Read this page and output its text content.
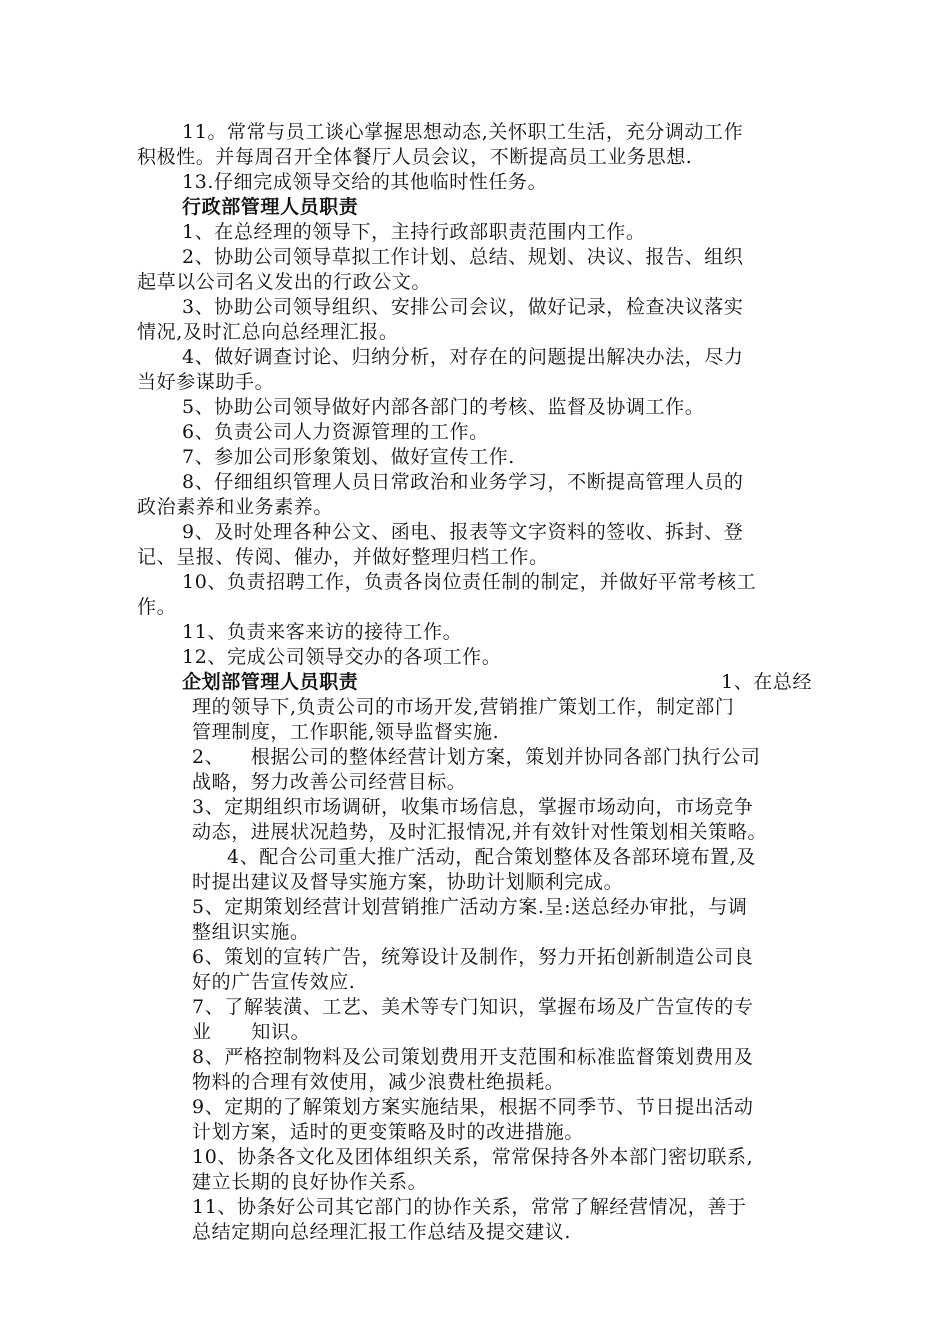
11。常常与员工谈心掌握思想动态,关怀职工生活，充分调动工作
积极性。并每周召开全体餐厅人员会议，不断提高员工业务思想.
13.仔细完成领导交给的其他临时性任务。
行政部管理人员职责
1、在总经理的领导下，主持行政部职责范围内工作。
2、协助公司领导草拟工作计划、总结、规划、决议、报告、组织
起草以公司名义发出的行政公文。
3、协助公司领导组织、安排公司会议，做好记录，检查决议落实
情况,及时汇总向总经理汇报。
4、做好调查讨论、归纳分析，对存在的问题提出解决办法，尽力
当好参谋助手。
5、协助公司领导做好内部各部门的考核、监督及协调工作。
6、负责公司人力资源管理的工作。
7、参加公司形象策划、做好宣传工作.
8、仔细组织管理人员日常政治和业务学习，不断提高管理人员的
政治素养和业务素养。
9、及时处理各种公文、函电、报表等文字资料的签收、拆封、登
记、呈报、传阅、催办，并做好整理归档工作。
10、负责招聘工作，负责各岗位责任制的制定，并做好平常考核工
作。
11、负责来客来访的接待工作。
12、完成公司领导交办的各项工作。
企划部管理人员职责	1、在总经
理的领导下,负责公司的市场开发,营销推广策划工作，制定部门
管理制度，工作职能,领导监督实施.
2、    根据公司的整体经营计划方案，策划并协同各部门执行公司
战略，努力改善公司经营目标。
3、定期组织市场调研，收集市场信息，掌握市场动向，市场竞争
动态，进展状况趋势，及时汇报情况,并有效针对性策划相关策略。
4、配合公司重大推广活动，配合策划整体及各部环境布置,及
时提出建议及督导实施方案，协助计划顺利完成。
5、定期策划经营计划营销推广活动方案.呈:送总经办审批，与调
整组识实施。
6、策划的宣转广告，统筹设计及制作，努力开拓创新制造公司良
好的广告宣传效应.
7、了解装潢、工艺、美术等专门知识，掌握布场及广告宣传的专
业      知识。
8、严格控制物料及公司策划费用开支范围和标准监督策划费用及
物料的合理有效使用，减少浪费杜绝损耗。
9、定期的了解策划方案实施结果，根据不同季节、节日提出活动
计划方案，适时的更变策略及时的改进措施。
10、协条各文化及团体组织关系，常常保持各外本部门密切联系,
建立长期的良好协作关系。
11、协条好公司其它部门的协作关系，常常了解经营情况，善于
总结定期向总经理汇报工作总结及提交建议.
